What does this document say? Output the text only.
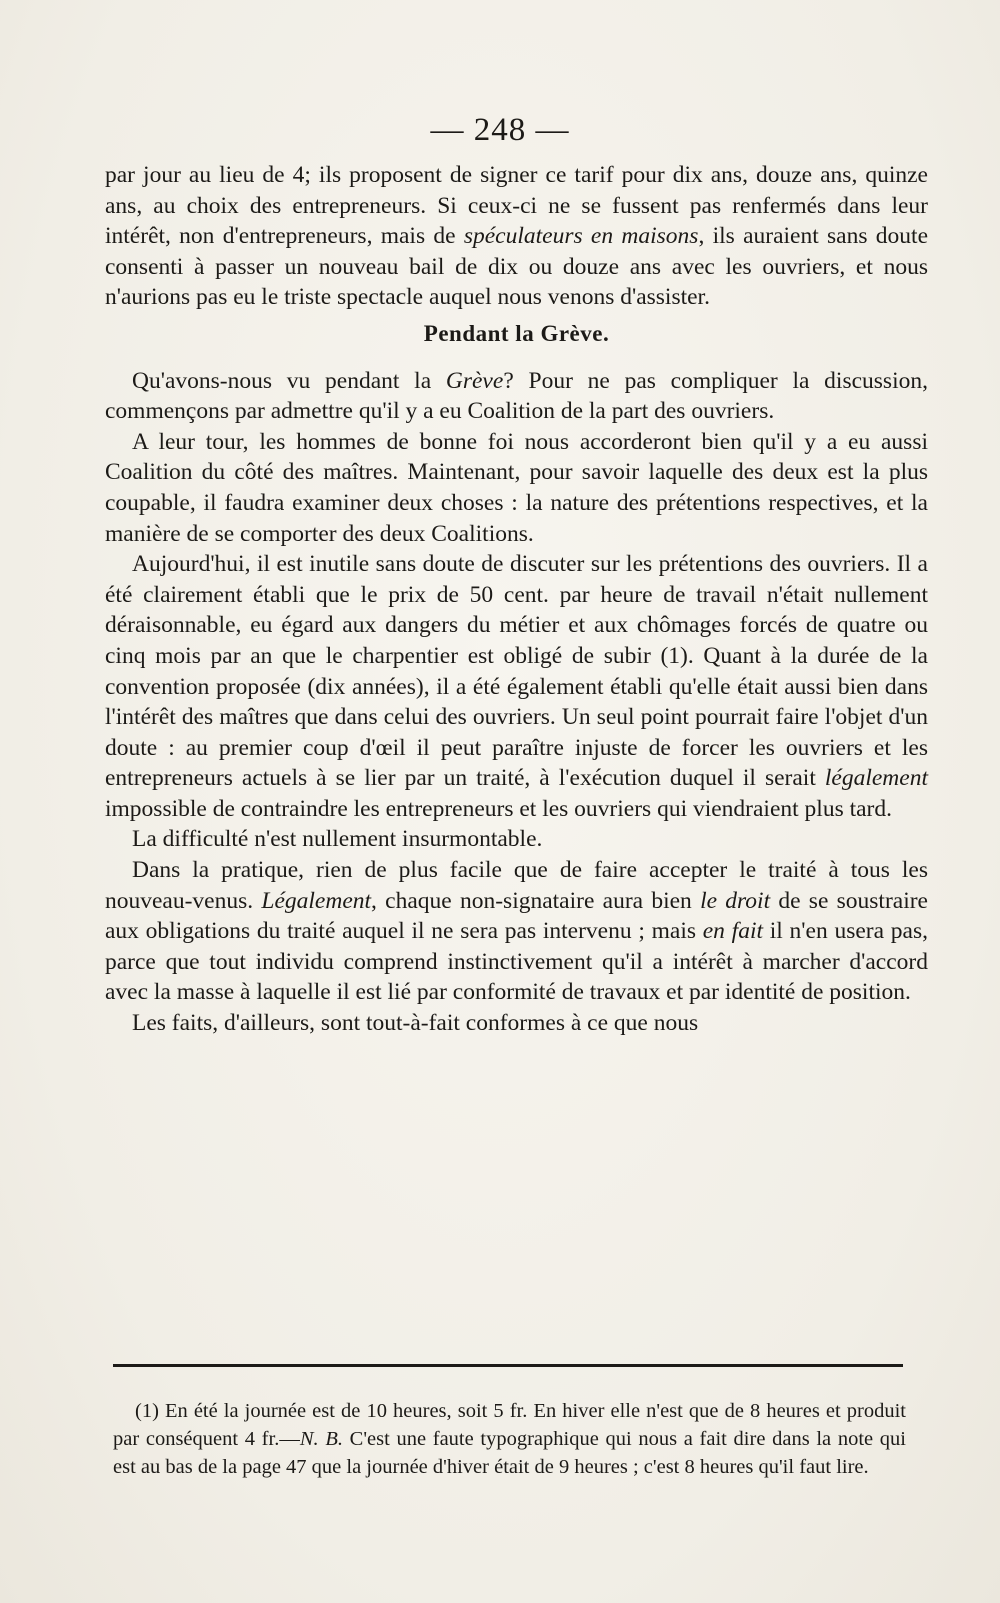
— 248 —

par jour au lieu de 4; ils proposent de signer ce tarif pour dix ans, douze ans, quinze ans, au choix des entrepreneurs. Si ceux-ci ne se fussent pas renfermés dans leur intérêt, non d'entrepreneurs, mais de spéculateurs en maisons, ils auraient sans doute consenti à passer un nouveau bail de dix ou douze ans avec les ouvriers, et nous n'aurions pas eu le triste spectacle auquel nous venons d'assister.

Pendant la Grève.

Qu'avons-nous vu pendant la Grève? Pour ne pas compliquer la discussion, commençons par admettre qu'il y a eu Coalition de la part des ouvriers.

A leur tour, les hommes de bonne foi nous accorderont bien qu'il y a eu aussi Coalition du côté des maîtres. Maintenant, pour savoir laquelle des deux est la plus coupable, il faudra examiner deux choses : la nature des prétentions respectives, et la manière de se comporter des deux Coalitions.

Aujourd'hui, il est inutile sans doute de discuter sur les prétentions des ouvriers. Il a été clairement établi que le prix de 50 cent. par heure de travail n'était nullement déraisonnable, eu égard aux dangers du métier et aux chômages forcés de quatre ou cinq mois par an que le charpentier est obligé de subir (1). Quant à la durée de la convention proposée (dix années), il a été également établi qu'elle était aussi bien dans l'intérêt des maîtres que dans celui des ouvriers. Un seul point pourrait faire l'objet d'un doute : au premier coup d'œil il peut paraître injuste de forcer les ouvriers et les entrepreneurs actuels à se lier par un traité, à l'exécution duquel il serait légalement impossible de contraindre les entrepreneurs et les ouvriers qui viendraient plus tard.

La difficulté n'est nullement insurmontable.

Dans la pratique, rien de plus facile que de faire accepter le traité à tous les nouveau-venus. Légalement, chaque non-signataire aura bien le droit de se soustraire aux obligations du traité auquel il ne sera pas intervenu ; mais en fait il n'en usera pas, parce que tout individu comprend instinctivement qu'il a intérêt à marcher d'accord avec la masse à laquelle il est lié par conformité de travaux et par identité de position.

Les faits, d'ailleurs, sont tout-à-fait conformes à ce que nous

(1) En été la journée est de 10 heures, soit 5 fr. En hiver elle n'est que de 8 heures et produit par conséquent 4 fr.—N. B. C'est une faute typographique qui nous a fait dire dans la note qui est au bas de la page 47 que la journée d'hiver était de 9 heures ; c'est 8 heures qu'il faut lire.
